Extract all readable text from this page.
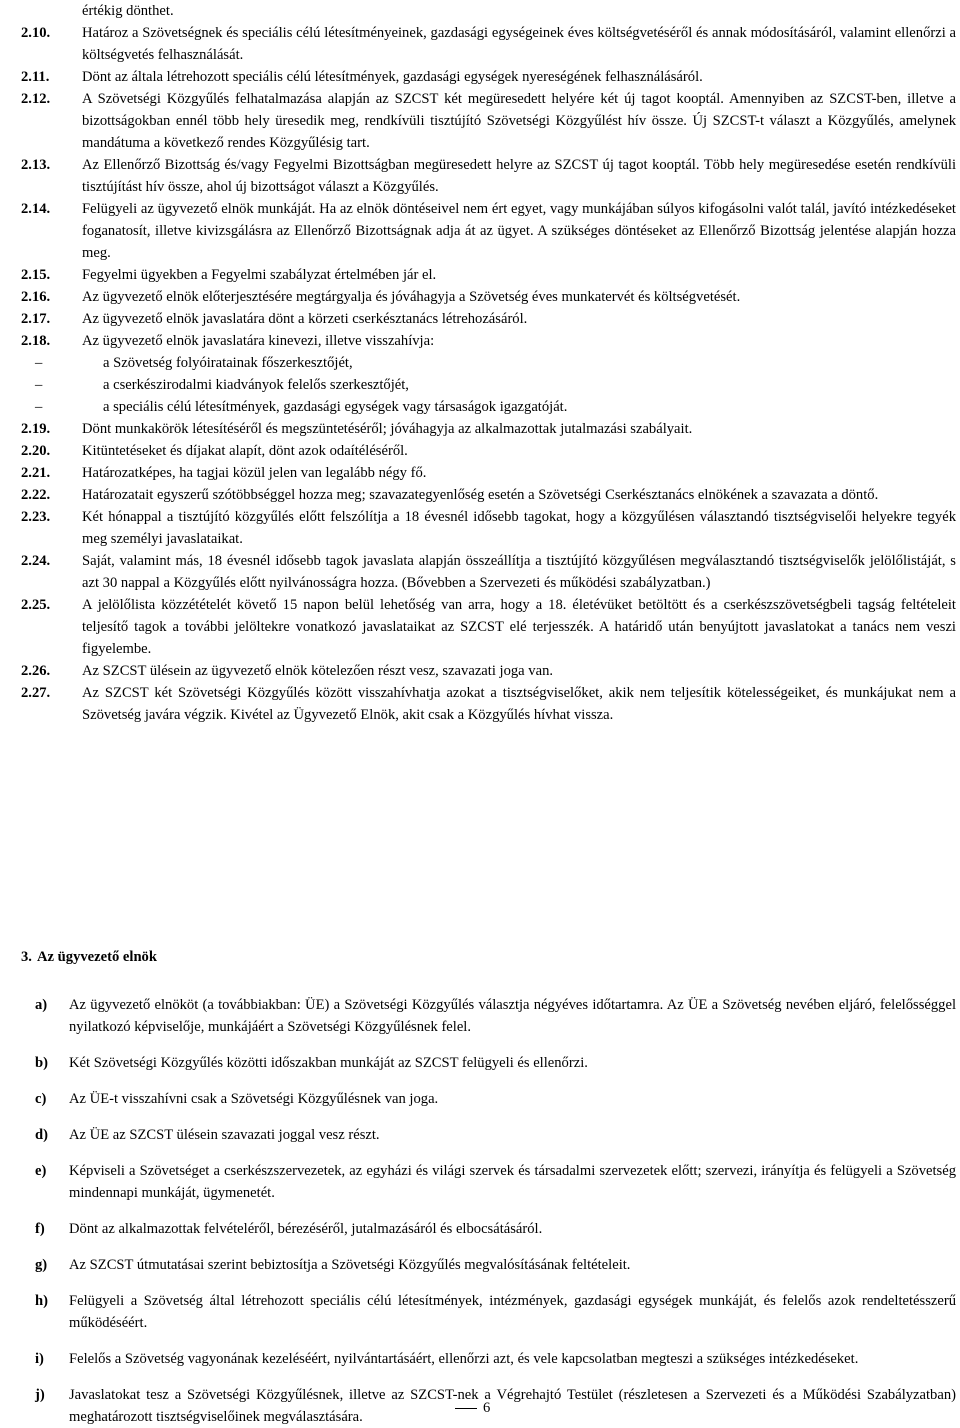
értékig dönthet.

2.10.	Határoz a Szövetségnek és speciális célú létesítményeinek, gazdasági egységeinek éves költségvetéséről és annak módosításáról, valamint ellenőrzi a költségvetés felhasználását.
2.11.	Dönt az általa létrehozott speciális célú létesítmények, gazdasági egységek nyereségének felhasználásáról.
2.12.	A Szövetségi Közgyűlés felhatalmazása alapján az SZCST két megüresedett helyére két új tagot kooptál. Amennyiben az SZCST-ben, illetve a bizottságokban ennél több hely üresedik meg, rendkívüli tisztújító Szövetségi Közgyűlést hív össze. Új SZCST-t választ a Közgyűlés, amelynek mandátuma a következő rendes Közgyűlésig tart.
2.13.	Az Ellenőrző Bizottság és/vagy Fegyelmi Bizottságban megüresedett helyre az SZCST új tagot kooptál. Több hely megüresedése esetén rendkívüli tisztújítást hív össze, ahol új bizottságot választ a Közgyűlés.
2.14.	Felügyeli az ügyvezető elnök munkáját. Ha az elnök döntéseivel nem ért egyet, vagy munkájában súlyos kifogásolni valót talál, javító intézkedéseket foganatosít, illetve kivizsgálásra az Ellenőrző Bizottságnak adja át az ügyet. A szükséges döntéseket az Ellenőrző Bizottság jelentése alapján hozza meg.
2.15.	Fegyelmi ügyekben a Fegyelmi szabályzat értelmében jár el.
2.16.	Az ügyvezető elnök előterjesztésére megtárgyalja és jóváhagyja a Szövetség éves munkatervét és költségvetését.
2.17.	Az ügyvezető elnök javaslatára dönt a körzeti cserkésztanács létrehozásáról.
2.18.	Az ügyvezető elnök javaslatára kinevezi, illetve visszahívja:
–	a Szövetség folyóiratainak főszerkesztőjét,
–	a cserkészirodalmi kiadványok felelős szerkesztőjét,
–	a speciális célú létesítmények, gazdasági egységek vagy társaságok igazgatóját.
2.19.	Dönt munkakörök létesítéséről és megszüntetéséről; jóváhagyja az alkalmazottak jutalmazási szabályait.
2.20.	Kitüntetéseket és díjakat alapít, dönt azok odaítéléséről.
2.21.	Határozatképes, ha tagjai közül jelen van legalább négy fő.
2.22.	Határozatait egyszerű szótöbbséggel hozza meg; szavazategyenlőség esetén a Szövetségi Cserkésztanács elnökének a szavazata a döntő.
2.23.	Két hónappal a tisztújító közgyűlés előtt felszólítja a 18 évesnél idősebb tagokat, hogy a közgyűlésen választandó tisztségviselői helyekre tegyék meg személyi javaslataikat.
2.24.	Saját, valamint más, 18 évesnél idősebb tagok javaslata alapján összeállítja a tisztújító közgyűlésen megválasztandó tisztségviselők jelölőlistáját, s azt 30 nappal a Közgyűlés előtt nyilvánosságra hozza. (Bővebben a Szervezeti és működési szabályzatban.)
2.25.	A jelölőlista közzétételét követő 15 napon belül lehetőség van arra, hogy a 18. életévüket betöltött és a cserkészszövetségbeli tagság feltételeit teljesítő tagok a további jelöltekre vonatkozó javaslataikat az SZCST elé terjesszék. A határidő után benyújtott javaslatokat a tanács nem veszi figyelembe.
2.26.	Az SZCST ülésein az ügyvezető elnök kötelezően részt vesz, szavazati joga van.
2.27.	Az SZCST két Szövetségi Közgyűlés között visszahívhatja azokat a tisztségviselőket, akik nem teljesítik kötelességeiket, és munkájukat nem a Szövetség javára végzik. Kivétel az Ügyvezető Elnök, akit csak a Közgyűlés hívhat vissza.
3. Az ügyvezető elnök
a)	Az ügyvezető elnököt (a továbbiakban: ÜE) a Szövetségi Közgyűlés választja négyéves időtartamra. Az ÜE a Szövetség nevében eljáró, felelősséggel nyilatkozó képviselője, munkájáért a Szövetségi Közgyűlésnek felel.
b)	Két Szövetségi Közgyűlés közötti időszakban munkáját az SZCST felügyeli és ellenőrzi.
c)	Az ÜE-t visszahívni csak a Szövetségi Közgyűlésnek van joga.
d)	Az ÜE az SZCST ülésein szavazati joggal vesz részt.
e)	Képviseli a Szövetséget a cserkészszervezetek, az egyházi és világi szervek és társadalmi szervezetek előtt; szervezi, irányítja és felügyeli a Szövetség mindennapi munkáját, ügymenetét.
f)	Dönt az alkalmazottak felvételéről, bérezéséről, jutalmazásáról és elbocsátásáról.
g)	Az SZCST útmutatásai szerint bebiztosítja a Szövetségi Közgyűlés megvalósításának feltételeit.
h)	Felügyeli a Szövetség által létrehozott speciális célú létesítmények, intézmények, gazdasági egységek munkáját, és felelős azok rendeltetésszerű működéséért.
i)	Felelős a Szövetség vagyonának kezeléséért, nyilvántartásáért, ellenőrzi azt, és vele kapcsolatban megteszi a szükséges intézkedéseket.
j)	Javaslatokat tesz a Szövetségi Közgyűlésnek, illetve az SZCST-nek a Végrehajtó Testület (részletesen a Szervezeti és a Működési Szabályzatban) meghatározott tisztségviselőinek megválasztására.
6
